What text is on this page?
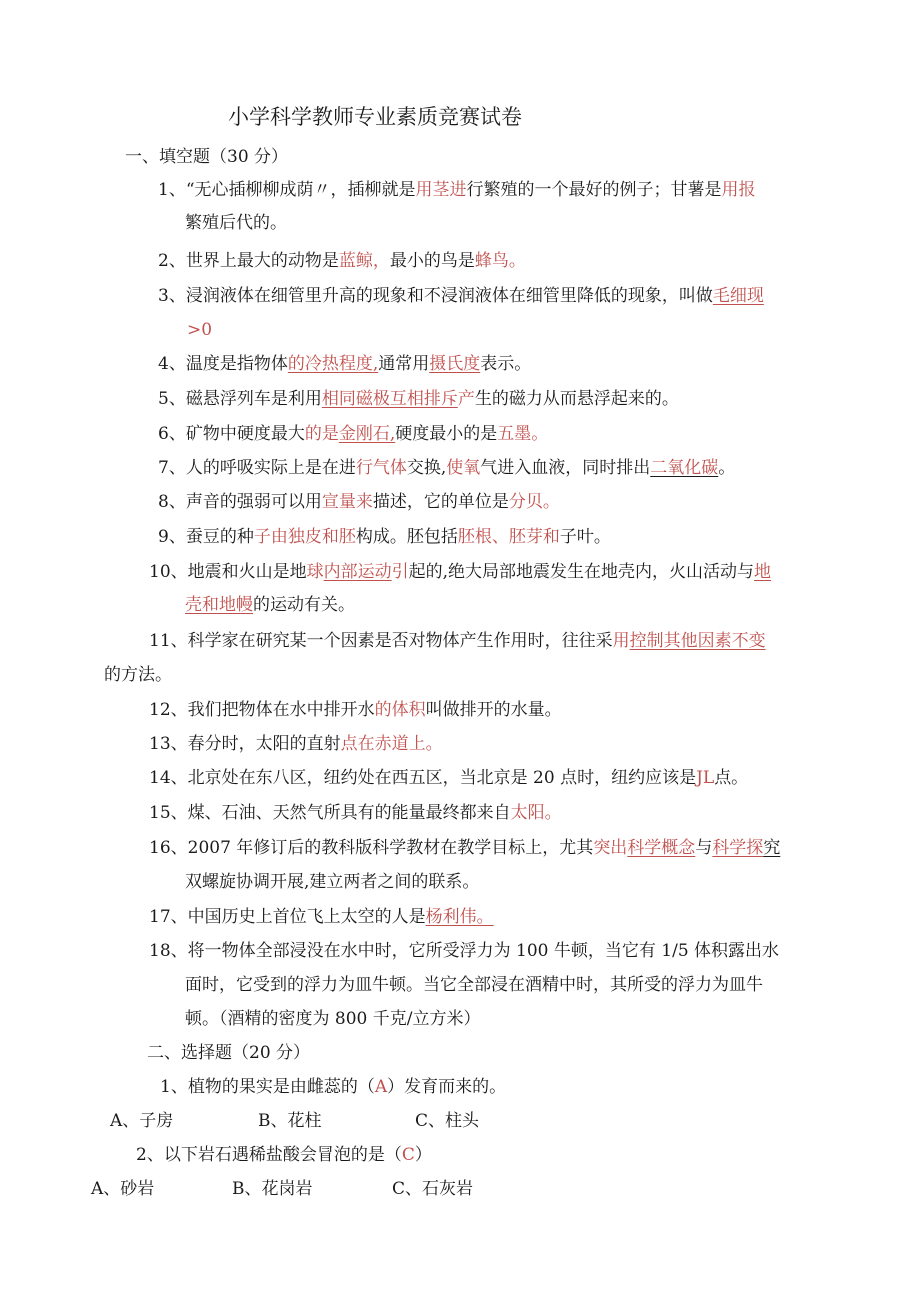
小学科学教师专业素质竞赛试卷
一、填空题（30 分）
1、“无心插柳柳成荫〃，插柳就是用茎进行繁殖的一个最好的例子；甘薯是用报
繁殖后代的。
2、世界上最大的动物是蓝鲸，最小的鸟是蜂鸟。
3、浸润液体在细管里升高的现象和不浸润液体在细管里降低的现象，叫做毛细现
>0
4、温度是指物体的冷热程度,通常用摄氏度表示。
5、磁悬浮列车是利用相同磁极互相排斥产生的磁力从而悬浮起来的。
6、矿物中硬度最大的是金刚石,硬度最小的是五墨。
7、人的呼吸实际上是在进行气体交换,使氧气进入血液，同时排出二氧化碳。
8、声音的强弱可以用宣量来描述，它的单位是分贝。
9、蚕豆的种子由独皮和胚构成。胚包括胚根、胚芽和子叶。
10、地震和火山是地球内部运动引起的,绝大局部地震发生在地壳内，火山活动与地
壳和地幔的运动有关。
11、科学家在研究某一个因素是否对物体产生作用时，往往采用控制其他因素不变
的方法。
12、我们把物体在水中排开水的体积叫做排开的水量。
13、春分时，太阳的直射点在赤道上。
14、北京处在东八区，纽约处在西五区，当北京是 20 点时，纽约应该是JL点。
15、煤、石油、天然气所具有的能量最终都来自太阳。
16、2007 年修订后的教科版科学教材在教学目标上，尤其突出科学概念与科学探究
双螺旋协调开展,建立两者之间的联系。
17、中国历史上首位飞上太空的人是杨利伟。
18、将一物体全部浸没在水中时，它所受浮力为 100 牛顿，当它有 1/5 体积露出水
面时，它受到的浮力为皿牛顿。当它全部浸在酒精中时，其所受的浮力为皿牛
顿。（酒精的密度为 800 千克/立方米）
二、选择题（20 分）
1、植物的果实是由雌蕊的（A）发育而来的。
A、子房	B、花柱	C、柱头
2、以下岩石遇稀盐酸会冒泡的是（C）
A、砂岩	B、花岗岩	C、石灰岩
